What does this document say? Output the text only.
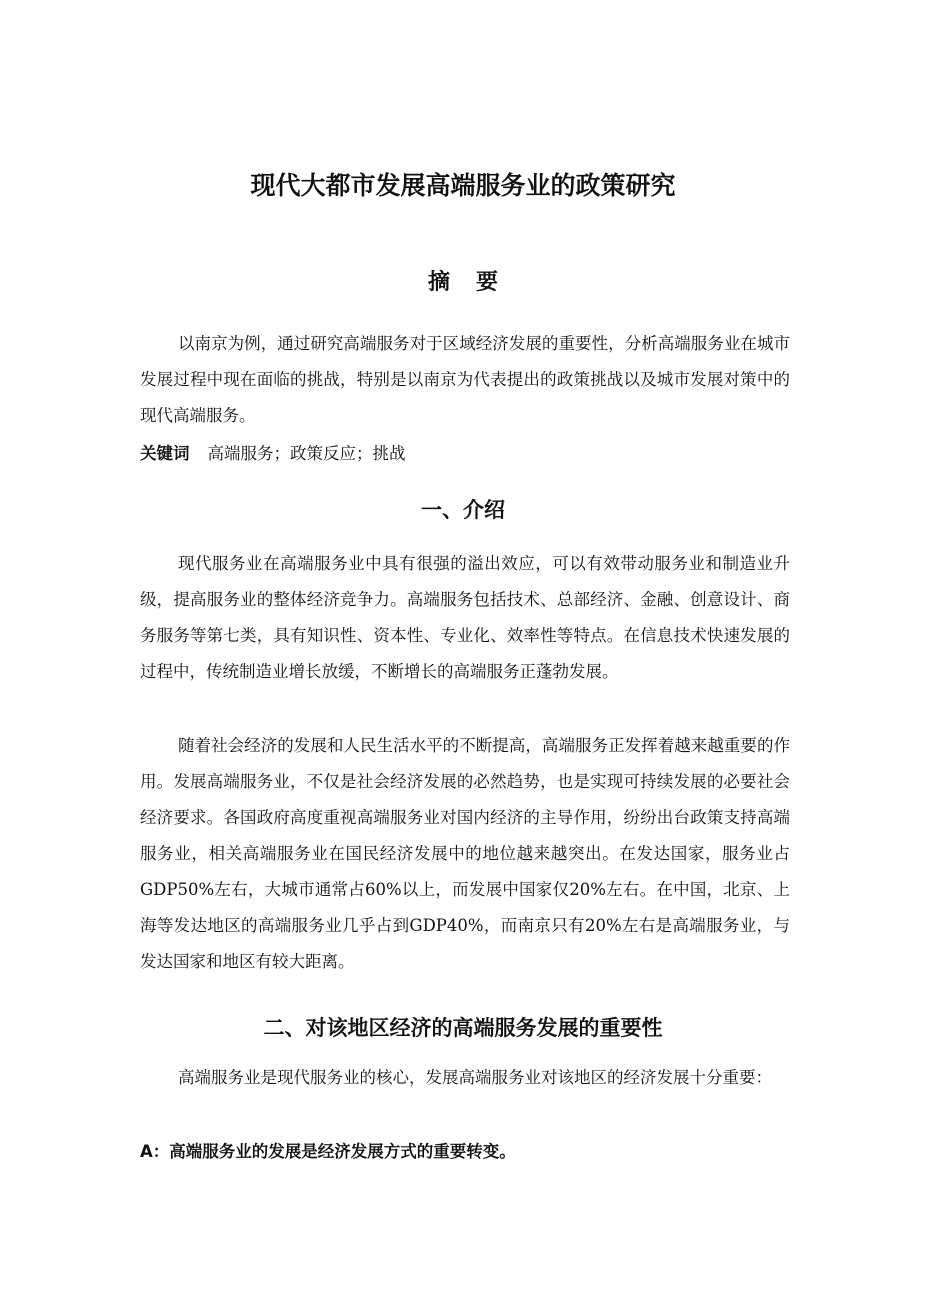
现代大都市发展高端服务业的政策研究
摘要

以南京为例，通过研究高端服务对于区域经济发展的重要性，分析高端服务业在城市发展过程中现在面临的挑战，特别是以南京为代表提出的政策挑战以及城市发展对策中的现代高端服务。

关键词 高端服务；政策反应；挑战
一、介绍

现代服务业在高端服务业中具有很强的溢出效应，可以有效带动服务业和制造业升级，提高服务业的整体经济竞争力。高端服务包括技术、总部经济、金融、创意设计、商务服务等第七类，具有知识性、资本性、专业化、效率性等特点。在信息技术快速发展的过程中，传统制造业增长放缓，不断增长的高端服务正蓬勃发展。

随着社会经济的发展和人民生活水平的不断提高，高端服务正发挥着越来越重要的作用。发展高端服务业，不仅是社会经济发展的必然趋势，也是实现可持续发展的必要社会经济要求。各国政府高度重视高端服务业对国内经济的主导作用，纷纷出台政策支持高端服务业，相关高端服务业在国民经济发展中的地位越来越突出。在发达国家，服务业占GDP50%左右，大城市通常占60%以上，而发展中国家仅20%左右。在中国，北京、上海等发达地区的高端服务业几乎占到GDP40%，而南京只有20%左右是高端服务业，与发达国家和地区有较大距离。

二、对该地区经济的高端服务发展的重要性

高端服务业是现代服务业的核心，发展高端服务业对该地区的经济发展十分重要：

A：高端服务业的发展是经济发展方式的重要转变。
